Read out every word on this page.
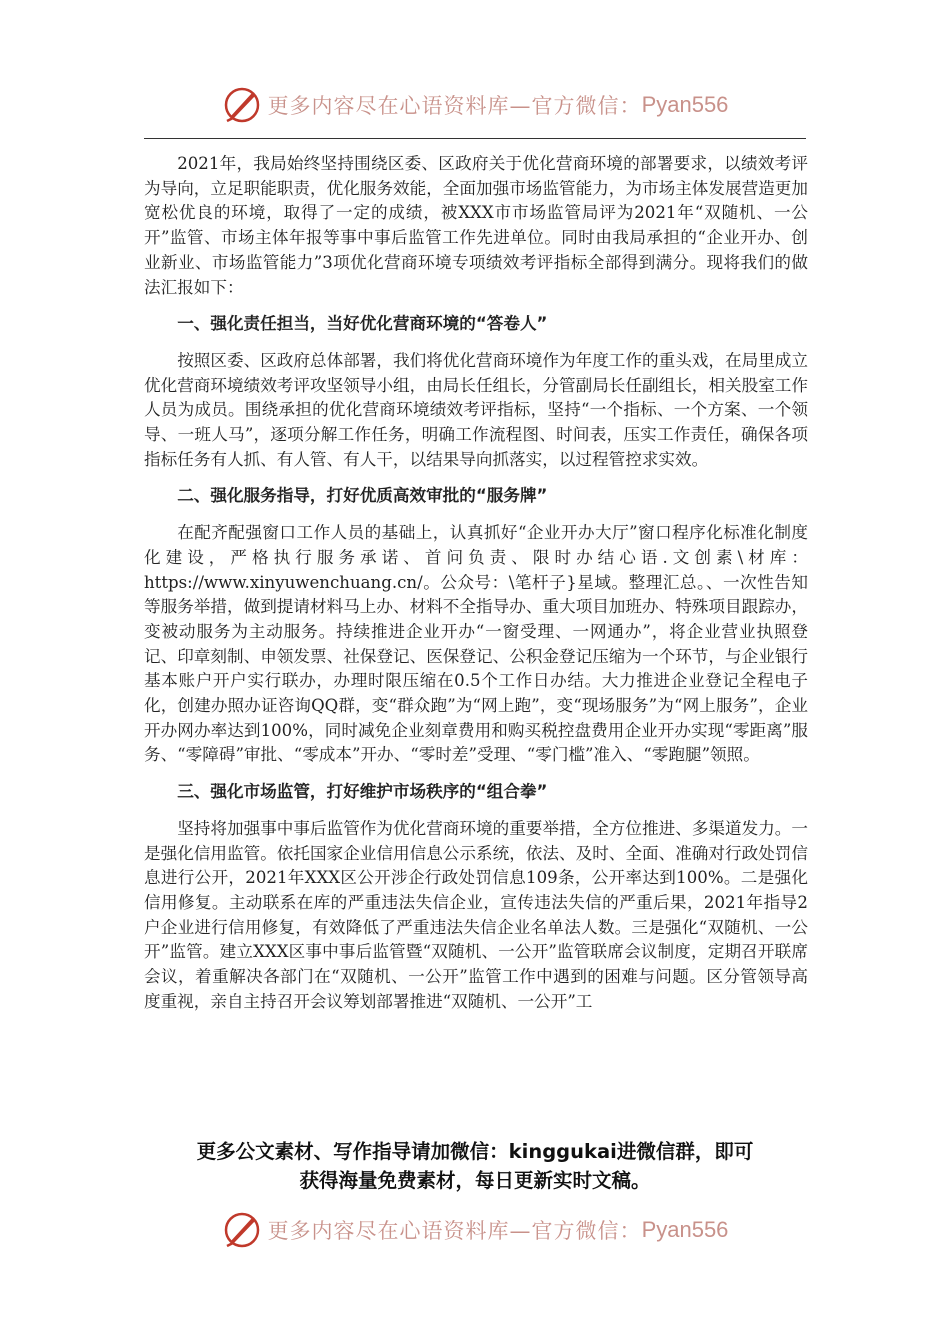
更多内容尽在心语资料库—官方微信： Pyan556

2021年，我局始终坚持围绕区委、区政府关于优化营商环境的部署要求，以绩效考评为导向，立足职能职责，优化服务效能，全面加强市场监管能力，为市场主体发展营造更加宽松优良的环境，取得了一定的成绩，被XXX市市场监管局评为2021年“双随机、一公开”监管、市场主体年报等事中事后监管工作先进单位。同时由我局承担的“企业开办、创业新业、市场监管能力”3项优化营商环境专项绩效考评指标全部得到满分。现将我们的做法汇报如下：

一、强化责任担当，当好优化营商环境的“答卷人”

按照区委、区政府总体部署，我们将优化营商环境作为年度工作的重头戏，在局里成立优化营商环境绩效考评攻坚领导小组，由局长任组长，分管副局长任副组长，相关股室工作人员为成员。围绕承担的优化营商环境绩效考评指标，坚持“一个指标、一个方案、一个领导、一班人马”，逐项分解工作任务，明确工作流程图、时间表，压实工作责任，确保各项指标任务有人抓、有人管、有人干，以结果导向抓落实，以过程管控求实效。

二、强化服务指导，打好优质高效审批的“服务牌”

在配齐配强窗口工作人员的基础上，认真抓好“企业开办大厅”窗口程序化标准化制度化建设，严格执行服务承诺、首问负责、限时办结心语.文创素\材库：https://www.xinyuwenchuang.cn/。公众号：\笔杆子}星域。整理汇总。、一次性告知等服务举措，做到提请材料马上办、材料不全指导办、重大项目加班办、特殊项目跟踪办，变被动服务为主动服务。持续推进企业开办“一窗受理、一网通办”，将企业营业执照登记、印章刻制、申领发票、社保登记、医保登记、公积金登记压缩为一个环节，与企业银行基本账户开户实行联办，办理时限压缩在0.5个工作日办结。大力推进企业登记全程电子化，创建办照办证咨询QQ群，变“群众跑”为“网上跑”，变“现场服务”为“网上服务”，企业开办网办率达到100%，同时减免企业刻章费用和购买税控盘费用企业开办实现“零距离”服务、“零障碍”审批、“零成本”开办、“零时差”受理、“零门槛”准入、“零跑腿”领照。

三、强化市场监管，打好维护市场秩序的“组合拳”

坚持将加强事中事后监管作为优化营商环境的重要举措，全方位推进、多渠道发力。一是强化信用监管。依托国家企业信用信息公示系统，依法、及时、全面、准确对行政处罚信息进行公开，2021年XXX区公开涉企行政处罚信息109条，公开率达到100%。二是强化信用修复。主动联系在库的严重违法失信企业，宣传违法失信的严重后果，2021年指导2户企业进行信用修复，有效降低了严重违法失信企业名单法人数。三是强化“双随机、一公开”监管。建立XXX区事中事后监管暨“双随机、一公开”监管联席会议制度，定期召开联席会议，着重解决各部门在“双随机、一公开”监管工作中遇到的困难与问题。区分管领导高度重视，亲自主持召开会议筹划部署推进“双随机、一公开”工

更多公文素材、写作指导请加微信：kinggukai进微信群，即可
获得海量免费素材，每日更新实时文稿。
更多内容尽在心语资料库—官方微信： Pyan556
